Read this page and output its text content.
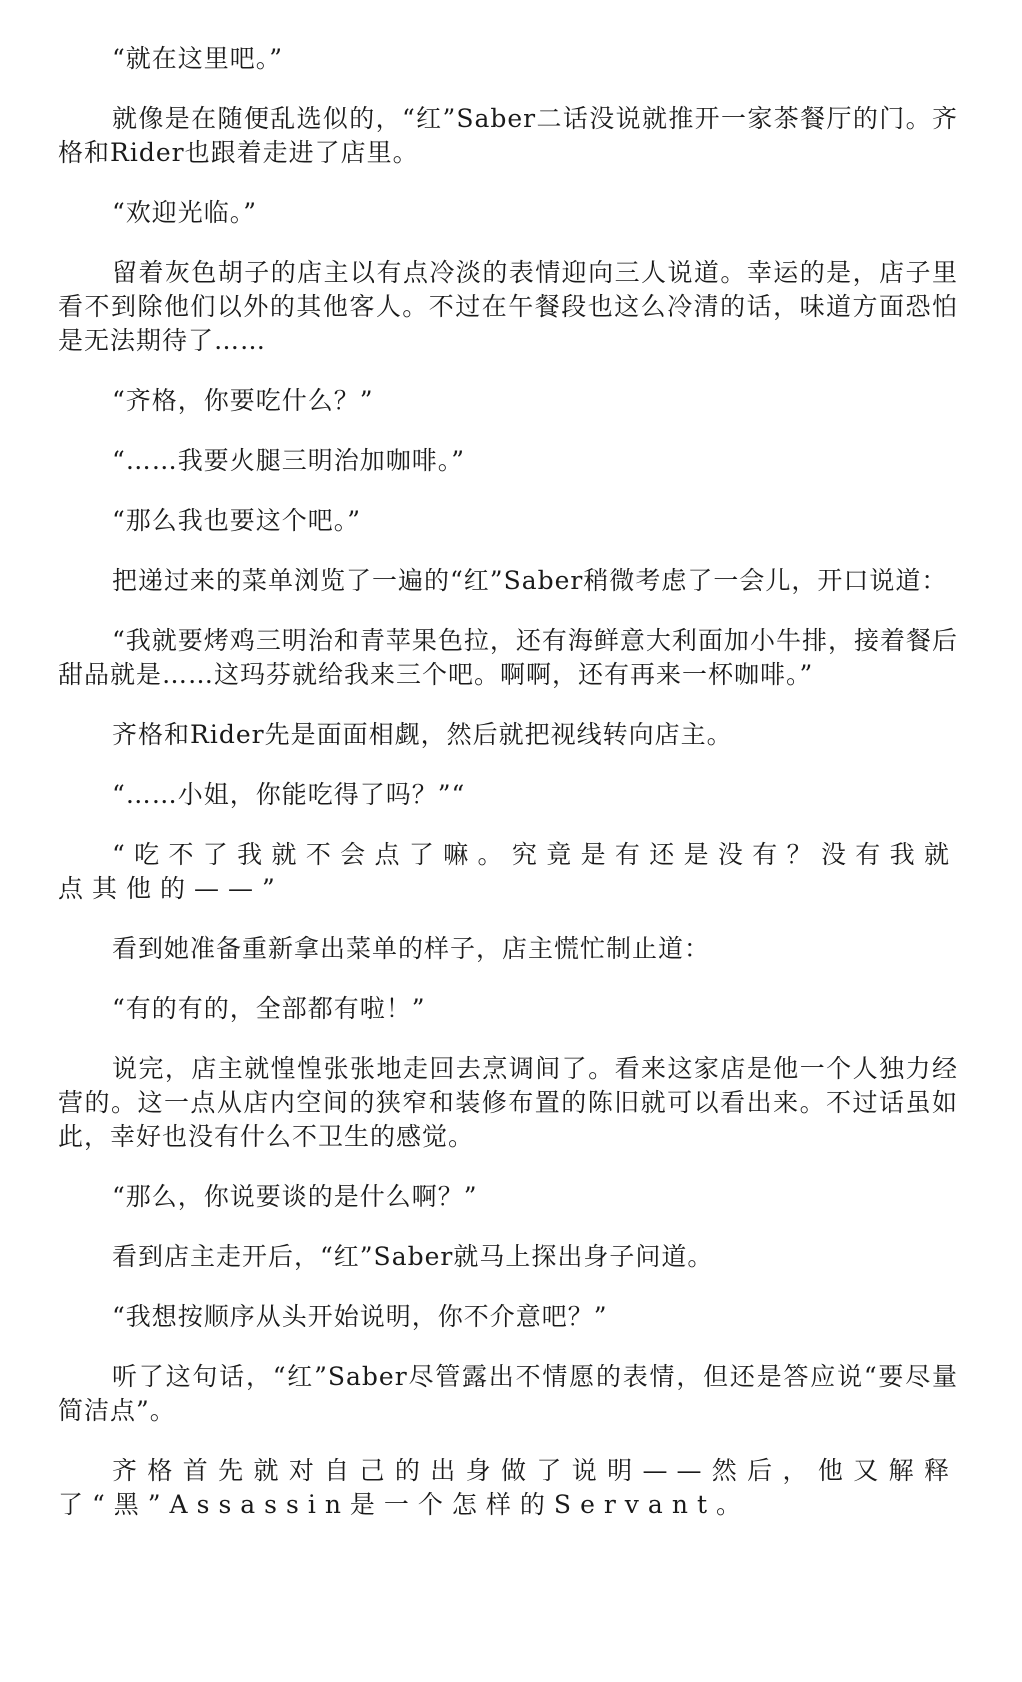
“就在这里吧。”

就像是在随便乱选似的，“红”Saber二话没说就推开一家茶餐厅的门。齐格和Rider也跟着走进了店里。

“欢迎光临。”

留着灰色胡子的店主以有点冷淡的表情迎向三人说道。幸运的是，店子里看不到除他们以外的其他客人。不过在午餐段也这么冷清的话，味道方面恐怕是无法期待了……

“齐格，你要吃什么？”

“……我要火腿三明治加咖啡。”

“那么我也要这个吧。”

把递过来的菜单浏览了一遍的“红”Saber稍微考虑了一会儿，开口说道：

“我就要烤鸡三明治和青苹果色拉，还有海鲜意大利面加小牛排，接着餐后甜品就是……这玛芬就给我来三个吧。啊啊，还有再来一杯咖啡。”

齐格和Rider先是面面相觑，然后就把视线转向店主。

“……小姐，你能吃得了吗？”“

“吃不了我就不会点了嘛。究竟是有还是没有？没有我就点其他的——”

看到她准备重新拿出菜单的样子，店主慌忙制止道：

“有的有的，全部都有啦！”

说完，店主就惶惶张张地走回去烹调间了。看来这家店是他一个人独力经营的。这一点从店内空间的狭窄和装修布置的陈旧就可以看出来。不过话虽如此，幸好也没有什么不卫生的感觉。

“那么，你说要谈的是什么啊？”

看到店主走开后，“红”Saber就马上探出身子问道。

“我想按顺序从头开始说明，你不介意吧？”

听了这句话，“红”Saber尽管露出不情愿的表情，但还是答应说“要尽量简洁点”。

齐格首先就对自己的出身做了说明——然后，他又解释了“黑”Assassin是一个怎样的Servant。
